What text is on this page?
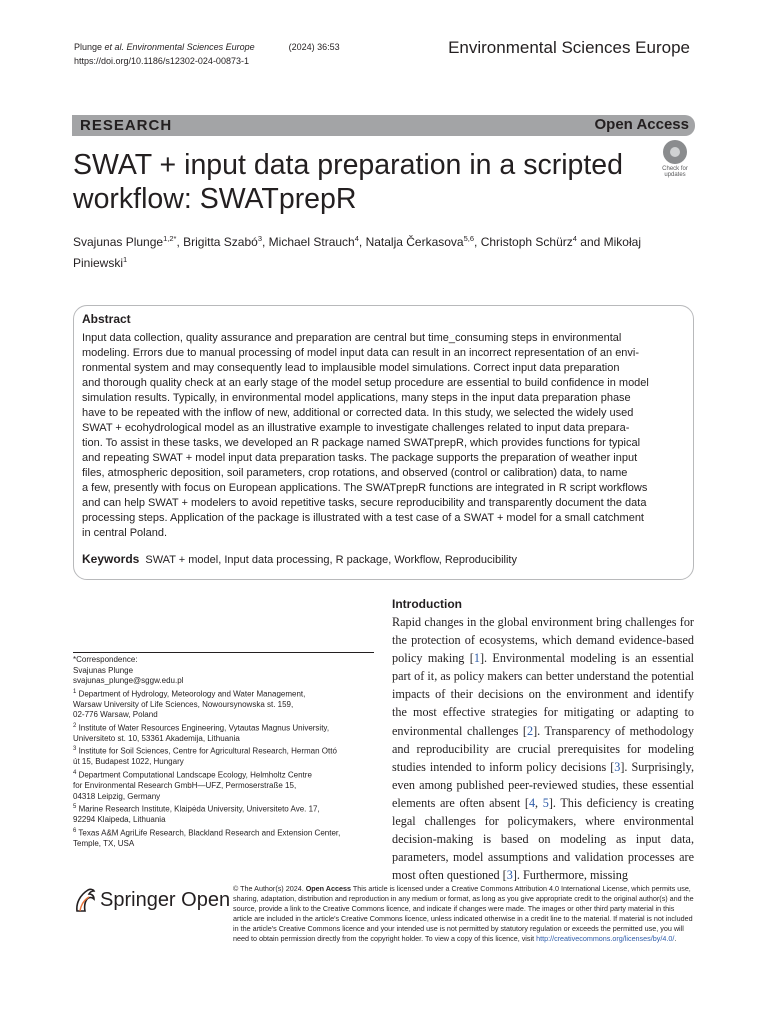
Plunge et al. Environmental Sciences Europe	(2024) 36:53
https://doi.org/10.1186/s12302-024-00873-1
Environmental Sciences Europe
RESEARCH	Open Access
SWAT + input data preparation in a scripted workflow: SWATprepR
Check for
updates
Svajunas Plunge$^{1,2*}$, Brigitta Szabó$^3$, Michael Strauch$^4$, Natalja Čerkasova$^{5,6}$, Christoph Schürz$^4$ and Mikołaj Piniewski$^1$
Abstract
Input data collection, quality assurance and preparation are central but time_consuming steps in environmental
modeling. Errors due to manual processing of model input data can result in an incorrect representation of an envi-
ronmental system and may consequently lead to implausible model simulations. Correct input data preparation
and thorough quality check at an early stage of the model setup procedure are essential to build confidence in model
simulation results. Typically, in environmental model applications, many steps in the input data preparation phase
have to be repeated with the inflow of new, additional or corrected data. In this study, we selected the widely used
SWAT + ecohydrological model as an illustrative example to investigate challenges related to input data prepara-
tion. To assist in these tasks, we developed an R package named SWATprepR, which provides functions for typical
and repeating SWAT + model input data preparation tasks. The package supports the preparation of weather input
files, atmospheric deposition, soil parameters, crop rotations, and observed (control or calibration) data, to name
a few, presently with focus on European applications. The SWATprepR functions are integrated in R script workflows
and can help SWAT + modelers to avoid repetitive tasks, secure reproducibility and transparently document the data
processing steps. Application of the package is illustrated with a test case of a SWAT + model for a small catchment
in central Poland.
Keywords SWAT + model, Input data processing, R package, Workflow, Reproducibility

*Correspondence:

Svajunas Plunge

svajunas_plunge@sggw.edu.pl

$^1$ Department of Hydrology, Meteorology and Water Management,

Warsaw University of Life Sciences, Nowoursynowska st. 159,

02-776 Warsaw, Poland

$^2$ Institute of Water Resources Engineering, Vytautas Magnus University,

Universiteto st. 10, 53361 Akademija, Lithuania

$^3$ Institute for Soil Sciences, Centre for Agricultural Research, Herman Ottó

út 15, Budapest 1022, Hungary

$^4$ Department Computational Landscape Ecology, Helmholtz Centre

for Environmental Research GmbH—UFZ, Permoserstraße 15,

04318 Leipzig, Germany

$^5$ Marine Research Institute, Klaipėda University, Universiteto Ave. 17,

92294 Klaipeda, Lithuania

$^6$ Texas A&M AgriLife Research, Blackland Research and Extension Center,

Temple, TX, USA

Introduction
Rapid changes in the global environment bring challenges for the protection of ecosystems, which demand evidence-based policy making [1]. Environmental modeling is an essential part of it, as policy makers can better understand the potential impacts of their decisions on the environment and identify the most effective strategies for mitigating or adapting to environmental challenges [2]. Transparency of methodology and reproducibility are crucial prerequisites for modeling studies intended to inform policy decisions [3]. Surprisingly, even among published peer-reviewed studies, these essential elements are often absent [4, 5]. This deficiency is creating legal challenges for policymakers, where environmental decision-making is based on modeling as input data, parameters, model assumptions and validation processes are most often questioned [3]. Furthermore, missing
Springer Open
© The Author(s) 2024. Open Access This article is licensed under a Creative Commons Attribution 4.0 International License, which permits use, sharing, adaptation, distribution and reproduction in any medium or format, as long as you give appropriate credit to the original author(s) and the source, provide a link to the Creative Commons licence, and indicate if changes were made. The images or other third party material in this article are included in the article's Creative Commons licence, unless indicated otherwise in a credit line to the material. If material is not included in the article's Creative Commons licence and your intended use is not permitted by statutory regulation or exceeds the permitted use, you will need to obtain permission directly from the copyright holder. To view a copy of this licence, visit http://creativecommons.org/licenses/by/4.0/.
